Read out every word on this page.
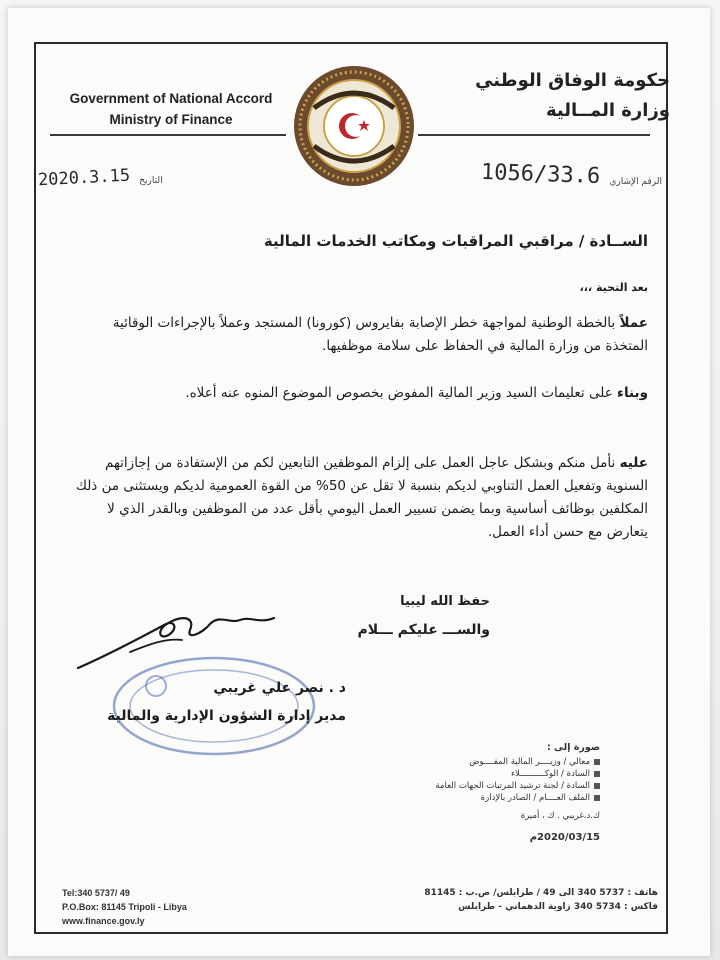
Government of National Accord
Ministry of Finance
حكومة الوفاق الوطني
وزارة المــالية
الرقم الإشاري 1056/33.6
2020.3.15 التاريخ
الســادة / مراقبي المراقبات ومكاتب الخدمات المالية
بعد التحية ،،،
عملاً بالخطة الوطنية لمواجهة خطر الإصابة بفايروس (كورونا) المستجد وعملاً بالإجراءات الوقائية المتخذة من وزارة المالية في الحفاظ على سلامة موظفيها.
وبناء على تعليمات السيد وزير المالية المفوض بخصوص الموضوع المنوه عنه أعلاه.
عليه نأمل منكم وبشكل عاجل العمل على إلزام الموظفين التابعين لكم من الإستفادة من إجازاتهم السنوية وتفعيل العمل التناوبي لديكم بنسبة لا تقل عن 50% من القوة العمومية لديكم ويستثنى من ذلك المكلفين بوظائف أساسية وبما يضمن تسيير العمل اليومي بأقل عدد من الموظفين وبالقدر الذي لا يتعارض مع حسن أداء العمل.
حفظ الله ليبيا
والســـ عليكم ـــلام
د . نصر علي غريبي
مدير إدارة الشؤون الإدارية والمالية
صورة إلى :
معالي / وزيــــر المالية المفــــوض
السادة / الوكــــــــــلاء
السادة / لجنة ترشيد المرتبات الجهات العامة
الملف العــــام / الصادر بالإدارة
ك.د.غريبي . ك ، أميرة
2020/03/15م
Tel:340 5737/ 49
P.O.Box: 81145 Tripoli - Libya
www.finance.gov.ly
هاتف : 5737 340 الى 49 / طرابلس/ ص.ب : 81145
فاكس : 5734 340 زاوية الدهماني - طرابلس
